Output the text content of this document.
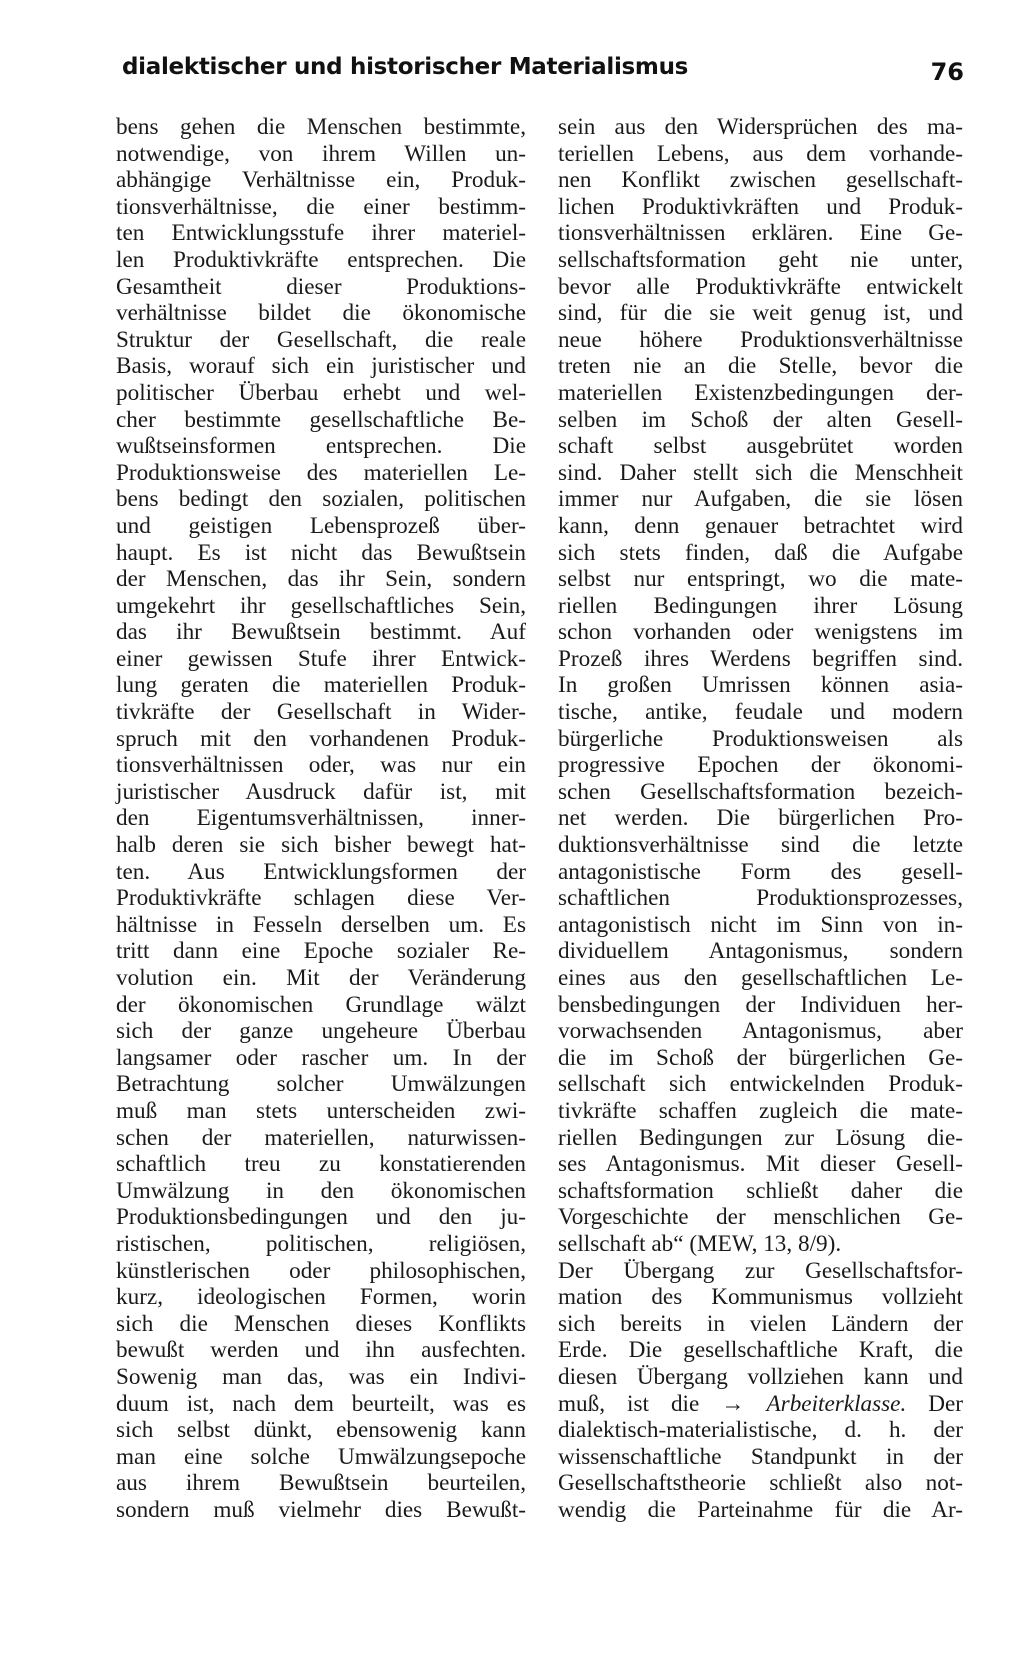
dialektischer und historischer Materialismus	76
bens gehen die Menschen bestimmte,
notwendige, von ihrem Willen un-
abhängige Verhältnisse ein, Produk-
tionsverhältnisse, die einer bestimm-
ten Entwicklungsstufe ihrer materiel-
len Produktivkräfte entsprechen. Die
Gesamtheit dieser Produktions-
verhältnisse bildet die ökonomische
Struktur der Gesellschaft, die reale
Basis, worauf sich ein juristischer und
politischer Überbau erhebt und wel-
cher bestimmte gesellschaftliche Be-
wußtseinsformen entsprechen. Die
Produktionsweise des materiellen Le-
bens bedingt den sozialen, politischen
und geistigen Lebensprozeß über-
haupt. Es ist nicht das Bewußtsein
der Menschen, das ihr Sein, sondern
umgekehrt ihr gesellschaftliches Sein,
das ihr Bewußtsein bestimmt. Auf
einer gewissen Stufe ihrer Entwick-
lung geraten die materiellen Produk-
tivkräfte der Gesellschaft in Wider-
spruch mit den vorhandenen Produk-
tionsverhältnissen oder, was nur ein
juristischer Ausdruck dafür ist, mit
den Eigentumsverhältnissen, inner-
halb deren sie sich bisher bewegt hat-
ten. Aus Entwicklungsformen der
Produktivkräfte schlagen diese Ver-
hältnisse in Fesseln derselben um. Es
tritt dann eine Epoche sozialer Re-
volution ein. Mit der Veränderung
der ökonomischen Grundlage wälzt
sich der ganze ungeheure Überbau
langsamer oder rascher um. In der
Betrachtung solcher Umwälzungen
muß man stets unterscheiden zwi-
schen der materiellen, naturwissen-
schaftlich treu zu konstatierenden
Umwälzung in den ökonomischen
Produktionsbedingungen und den ju-
ristischen, politischen, religiösen,
künstlerischen oder philosophischen,
kurz, ideologischen Formen, worin
sich die Menschen dieses Konflikts
bewußt werden und ihn ausfechten.
Sowenig man das, was ein Indivi-
duum ist, nach dem beurteilt, was es
sich selbst dünkt, ebensowenig kann
man eine solche Umwälzungsepoche
aus ihrem Bewußtsein beurteilen,
sondern muß vielmehr dies Bewußt-
sein aus den Widersprüchen des ma-
teriellen Lebens, aus dem vorhande-
nen Konflikt zwischen gesellschaft-
lichen Produktivkräften und Produk-
tionsverhältnissen erklären. Eine Ge-
sellschaftsformation geht nie unter,
bevor alle Produktivkräfte entwickelt
sind, für die sie weit genug ist, und
neue höhere Produktionsverhältnisse
treten nie an die Stelle, bevor die
materiellen Existenzbedingungen der-
selben im Schoß der alten Gesell-
schaft selbst ausgebrütet worden
sind. Daher stellt sich die Menschheit
immer nur Aufgaben, die sie lösen
kann, denn genauer betrachtet wird
sich stets finden, daß die Aufgabe
selbst nur entspringt, wo die mate-
riellen Bedingungen ihrer Lösung
schon vorhanden oder wenigstens im
Prozeß ihres Werdens begriffen sind.
In großen Umrissen können asia-
tische, antike, feudale und modern
bürgerliche Produktionsweisen als
progressive Epochen der ökonomi-
schen Gesellschaftsformation bezeich-
net werden. Die bürgerlichen Pro-
duktionsverhältnisse sind die letzte
antagonistische Form des gesell-
schaftlichen Produktionsprozesses,
antagonistisch nicht im Sinn von in-
dividuellem Antagonismus, sondern
eines aus den gesellschaftlichen Le-
bensbedingungen der Individuen her-
vorwachsenden Antagonismus, aber
die im Schoß der bürgerlichen Ge-
sellschaft sich entwickelnden Produk-
tivkräfte schaffen zugleich die mate-
riellen Bedingungen zur Lösung die-
ses Antagonismus. Mit dieser Gesell-
schaftsformation schließt daher die
Vorgeschichte der menschlichen Ge-
sellschaft ab“ (MEW, 13, 8/9).
Der Übergang zur Gesellschaftsfor-
mation des Kommunismus vollzieht
sich bereits in vielen Ländern der
Erde. Die gesellschaftliche Kraft, die
diesen Übergang vollziehen kann und
muß, ist die → Arbeiterklasse. Der
dialektisch-materialistische, d. h. der
wissenschaftliche Standpunkt in der
Gesellschaftstheorie schließt also not-
wendig die Parteinahme für die Ar-
